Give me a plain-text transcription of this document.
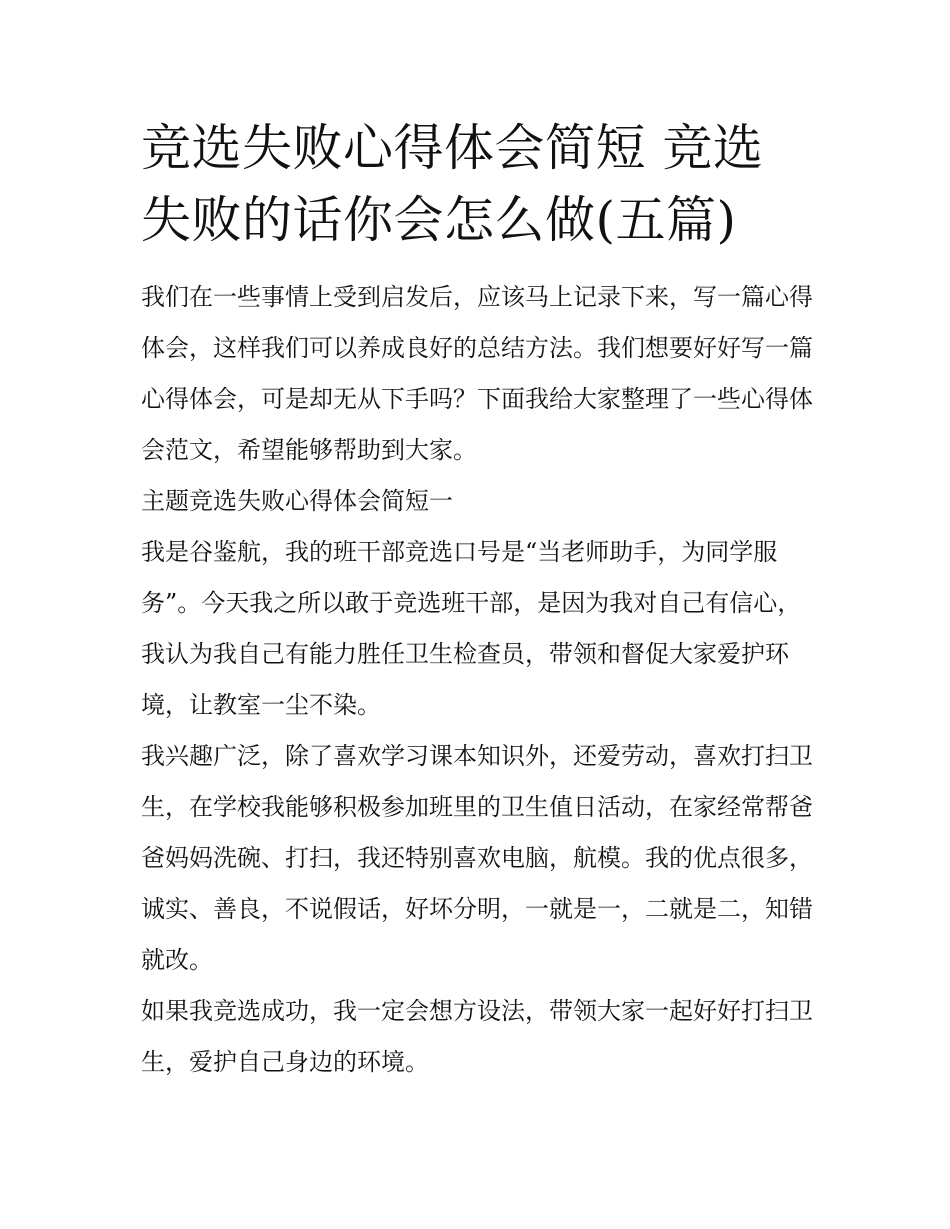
竞选失败心得体会简短 竞选失败的话你会怎么做(五篇)

我们在一些事情上受到启发后，应该马上记录下来，写一篇心得体会，这样我们可以养成良好的总结方法。我们想要好好写一篇心得体会，可是却无从下手吗？下面我给大家整理了一些心得体会范文，希望能够帮助到大家。

主题竞选失败心得体会简短一

我是谷鉴航，我的班干部竞选口号是“当老师助手，为同学服务”。今天我之所以敢于竞选班干部，是因为我对自己有信心，我认为我自己有能力胜任卫生检查员，带领和督促大家爱护环境，让教室一尘不染。

我兴趣广泛，除了喜欢学习课本知识外，还爱劳动，喜欢打扫卫生，在学校我能够积极参加班里的卫生值日活动，在家经常帮爸爸妈妈洗碗、打扫，我还特别喜欢电脑，航模。我的优点很多，诚实、善良，不说假话，好坏分明，一就是一，二就是二，知错就改。

如果我竞选成功，我一定会想方设法，带领大家一起好好打扫卫生，爱护自己身边的环境。
